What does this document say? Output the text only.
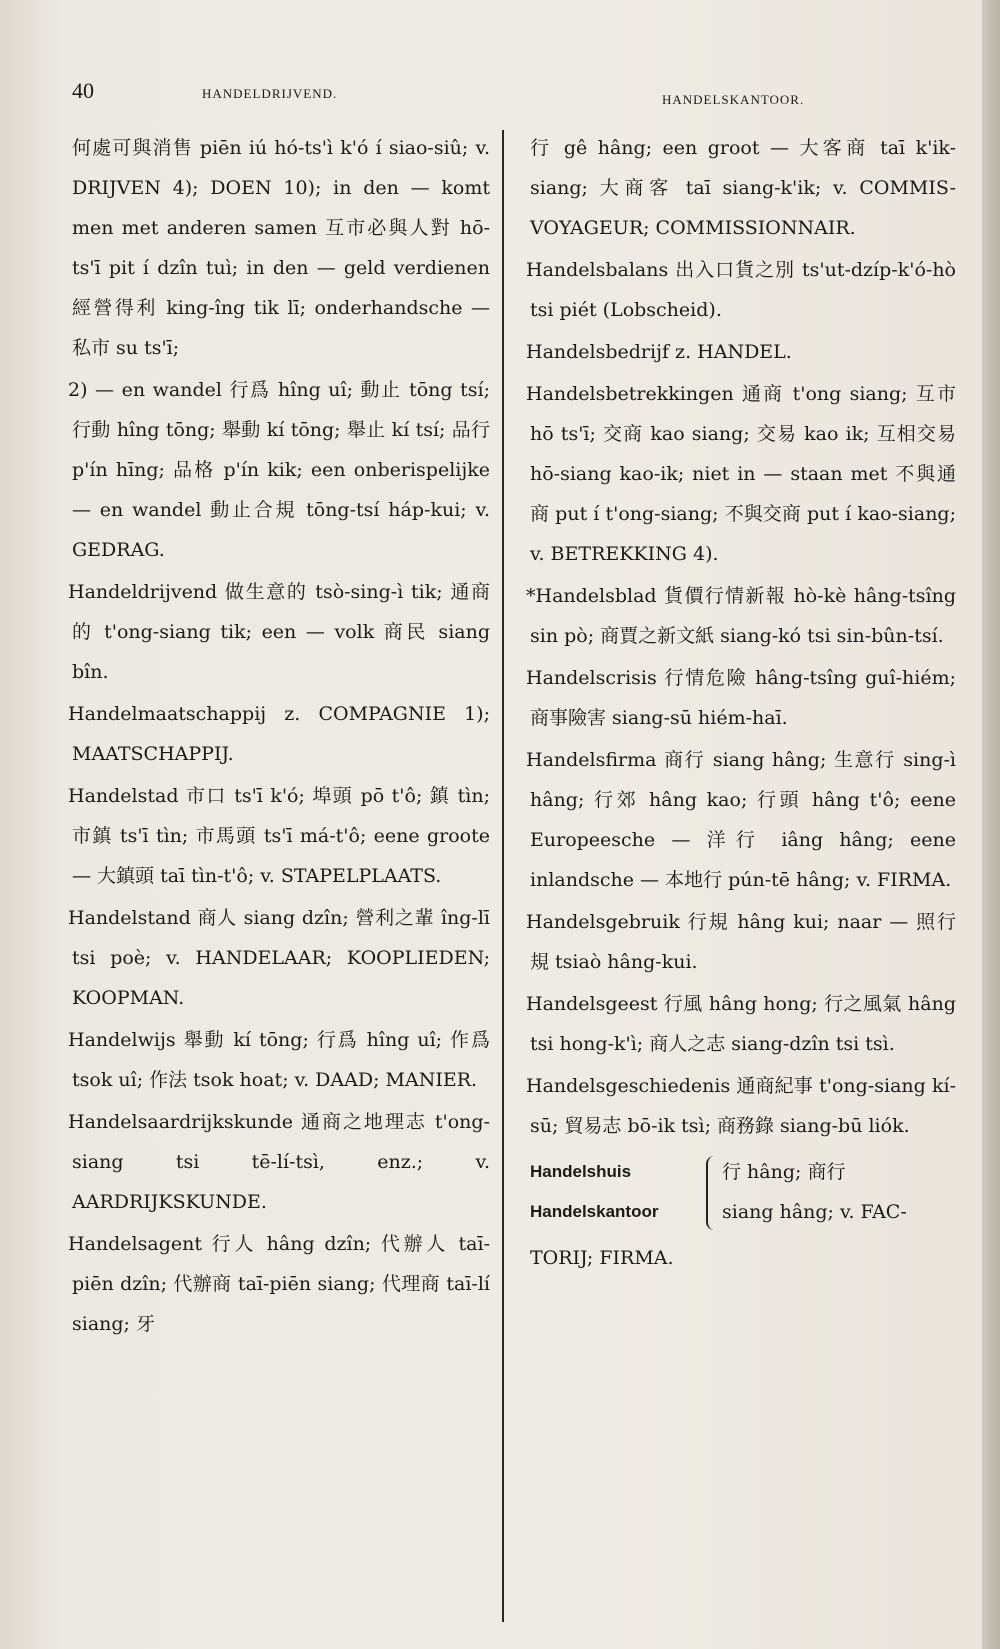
40	HANDELDRIJVEND.	HANDELSKANTOOR.

何處可與消售 piēn iú hó-ts'ì k'ó í siao-siû; v. DRIJVEN 4); DOEN 10); in den — komt men met anderen samen 互市必與人對 hō-ts'ī pit í dzîn tuì; in den — geld verdienen 經營得利 king-îng tik lī; onderhandsche — 私市 su ts'ī;

2) — en wandel 行爲 hîng uî; 動止 tōng tsí; 行動 hîng tōng; 舉動 kí tōng; 舉止 kí tsí; 品行 p'ín hīng; 品格 p'ín kik; een onberispelijke — en wandel 動止合規 tōng-tsí háp-kui; v. GEDRAG.

Handeldrijvend 做生意的 tsò-sing-ì tik; 通商的 t'ong-siang tik; een — volk 商民 siang bîn.

Handelmaatschappij z. COMPAGNIE 1); MAATSCHAPPIJ.

Handelstad 市口 ts'ī k'ó; 埠頭 pō t'ô; 鎮 tìn; 市鎮 ts'ī tìn; 市馬頭 ts'ī má-t'ô; eene groote — 大鎮頭 taī tìn-t'ô; v. STAPELPLAATS.

Handelstand 商人 siang dzîn; 營利之輩 îng-lī tsi poè; v. HANDELAAR; KOOPLIEDEN; KOOPMAN.

Handelwijs 舉動 kí tōng; 行爲 hîng uî; 作爲 tsok uî; 作法 tsok hoat; v. DAAD; MANIER.

Handelsaardrijkskunde 通商之地理志 t'ong-siang tsi tē-lí-tsì, enz.; v. AARDRIJKSKUNDE.

Handelsagent 行人 hâng dzîn; 代辦人 taī-piēn dzîn; 代辦商 taī-piēn siang; 代理商 taī-lí siang; 牙

行 gê hâng; een groot — 大客商 taī k'ik-siang; 大商客 taī siang-k'ik; v. COMMIS-VOYAGEUR; COMMISSIONNAIR.

Handelsbalans 出入口貨之別 ts'ut-dzíp-k'ó-hò tsi piét (Lobscheid).

Handelsbedrijf z. HANDEL.

Handelsbetrekkingen 通商 t'ong siang; 互市 hō ts'ī; 交商 kao siang; 交易 kao ik; 互相交易 hō-siang kao-ik; niet in — staan met 不與通商 put í t'ong-siang; 不與交商 put í kao-siang; v. BETREKKING 4).

*Handelsblad 貨價行情新報 hò-kè hâng-tsîng sin pò; 商賈之新文紙 siang-kó tsi sin-bûn-tsí.

Handelscrisis 行情危險 hâng-tsîng guî-hiém; 商事險害 siang-sū hiém-haī.

Handelsfirma 商行 siang hâng; 生意行 sing-ì hâng; 行郊 hâng kao; 行頭 hâng t'ô; eene Europeesche — 洋行 iâng hâng; eene inlandsche — 本地行 pún-tē hâng; v. FIRMA.

Handelsgebruik 行規 hâng kui; naar — 照行規 tsiaò hâng-kui.

Handelsgeest 行風 hâng hong; 行之風氣 hâng tsi hong-k'ì; 商人之志 siang-dzîn tsi tsì.

Handelsgeschiedenis 通商紀事 t'ong-siang kí-sū; 貿易志 bō-ik tsì; 商務錄 siang-bū liók.

Handelshuis
Handelskantoor
行 hâng; 商行
siang hâng; v. FAC-

TORIJ; FIRMA.
